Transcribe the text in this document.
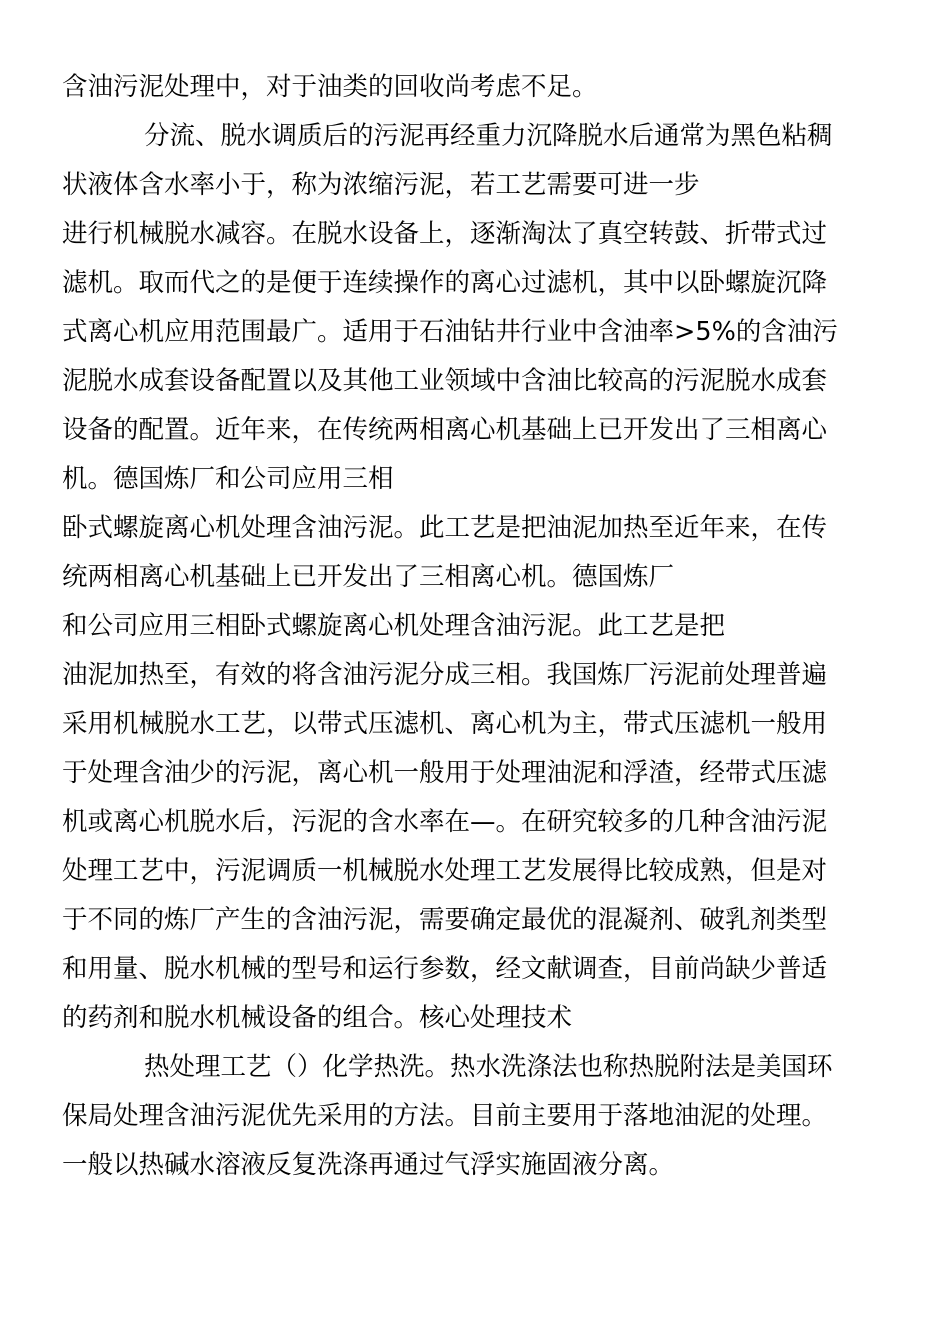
含油污泥处理中，对于油类的回收尚考虑不足。
分流、脱水调质后的污泥再经重力沉降脱水后通常为黑色粘稠
状液体含水率小于，称为浓缩污泥，若工艺需要可进一步
进行机械脱水减容。在脱水设备上，逐渐淘汰了真空转鼓、折带式过
滤机。取而代之的是便于连续操作的离心过滤机，其中以卧螺旋沉降
式离心机应用范围最广。适用于石油钻井行业中含油率>5%的含油污
泥脱水成套设备配置以及其他工业领域中含油比较高的污泥脱水成套
设备的配置。近年来，在传统两相离心机基础上已开发出了三相离心
机。德国炼厂和公司应用三相
卧式螺旋离心机处理含油污泥。此工艺是把油泥加热至近年来，在传
统两相离心机基础上已开发出了三相离心机。德国炼厂
和公司应用三相卧式螺旋离心机处理含油污泥。此工艺是把
油泥加热至，有效的将含油污泥分成三相。我国炼厂污泥前处理普遍
采用机械脱水工艺，以带式压滤机、离心机为主，带式压滤机一般用
于处理含油少的污泥，离心机一般用于处理油泥和浮渣，经带式压滤
机或离心机脱水后，污泥的含水率在—。在研究较多的几种含油污泥
处理工艺中，污泥调质一机械脱水处理工艺发展得比较成熟，但是对
于不同的炼厂产生的含油污泥，需要确定最优的混凝剂、破乳剂类型
和用量、脱水机械的型号和运行参数，经文献调查，目前尚缺少普适
的药剂和脱水机械设备的组合。核心处理技术
热处理工艺（）化学热洗。热水洗涤法也称热脱附法是美国环
保局处理含油污泥优先采用的方法。目前主要用于落地油泥的处理。
一般以热碱水溶液反复洗涤再通过气浮实施固液分离。
